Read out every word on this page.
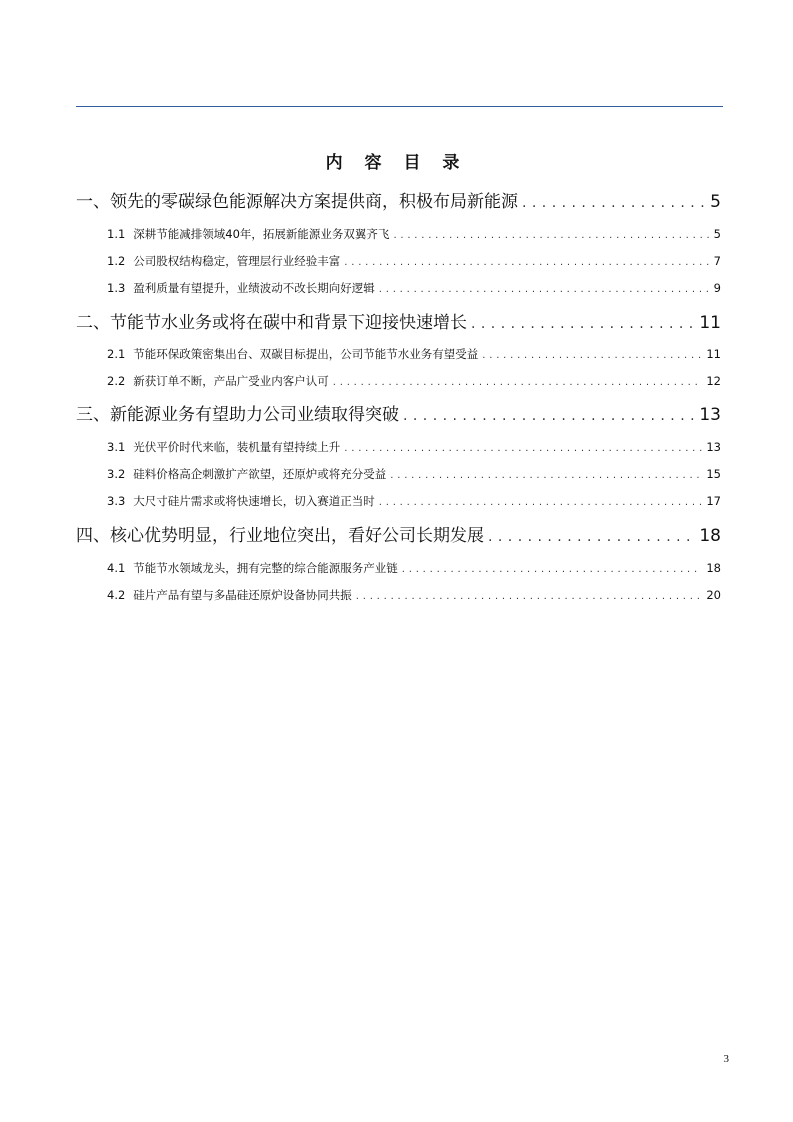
内 容 目 录
一、领先的零碳绿色能源解决方案提供商，积极布局新能源 . . .	5
1.1 深耕节能减排领域40年，拓展新能源业务双翼齐飞 . . .	5
1.2 公司股权结构稳定，管理层行业经验丰富 . . .	7
1.3 盈利质量有望提升，业绩波动不改长期向好逻辑 . . .	9
二、节能节水业务或将在碳中和背景下迎接快速增长 . . .	11
2.1 节能环保政策密集出台、双碳目标提出，公司节能节水业务有望受益 . . .	11
2.2 新获订单不断，产品广受业内客户认可 . . .	12
三、新能源业务有望助力公司业绩取得突破 . . .	13
3.1 光伏平价时代来临，装机量有望持续上升 . . .	13
3.2 硅料价格高企刺激扩产欲望，还原炉或将充分受益 . . .	15
3.3 大尺寸硅片需求或将快速增长，切入赛道正当时 . . .	17
四、核心优势明显，行业地位突出，看好公司长期发展 . . .	18
4.1 节能节水领域龙头，拥有完整的综合能源服务产业链 . . .	18
4.2 硅片产品有望与多晶硅还原炉设备协同共振 . . .	20
3
